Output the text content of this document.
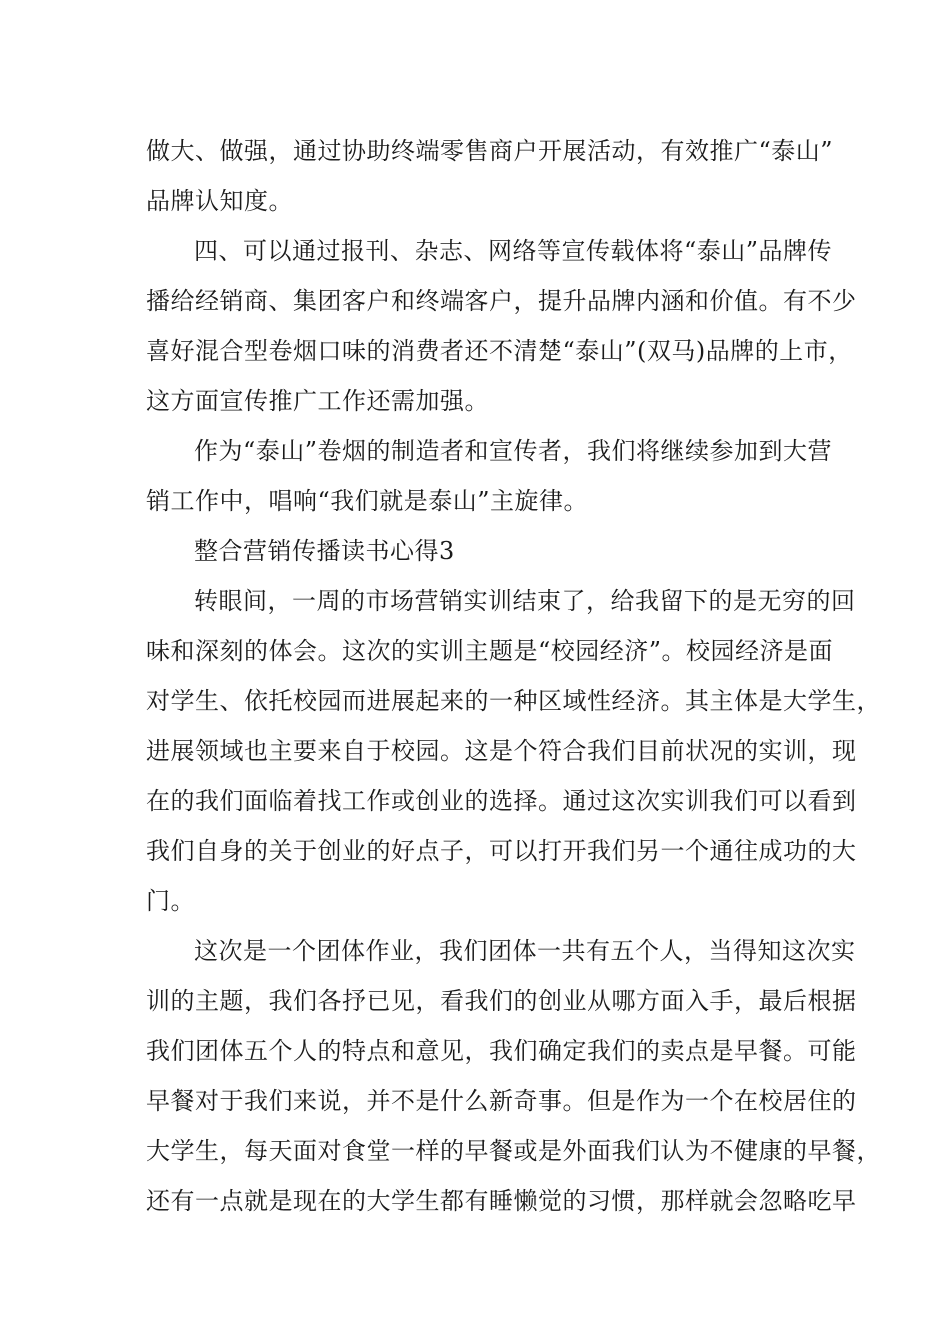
做大、做强，通过协助终端零售商户开展活动，有效推广“泰山”

品牌认知度。

四、可以通过报刊、杂志、网络等宣传载体将“泰山”品牌传

播给经销商、集团客户和终端客户，提升品牌内涵和价值。有不少

喜好混合型卷烟口味的消费者还不清楚“泰山”(双马)品牌的上市，

这方面宣传推广工作还需加强。

作为“泰山”卷烟的制造者和宣传者，我们将继续参加到大营

销工作中，唱响“我们就是泰山”主旋律。

整合营销传播读书心得3

转眼间，一周的市场营销实训结束了，给我留下的是无穷的回

味和深刻的体会。这次的实训主题是“校园经济”。校园经济是面

对学生、依托校园而进展起来的一种区域性经济。其主体是大学生，

进展领域也主要来自于校园。这是个符合我们目前状况的实训，现

在的我们面临着找工作或创业的选择。通过这次实训我们可以看到

我们自身的关于创业的好点子，可以打开我们另一个通往成功的大

门。

这次是一个团体作业，我们团体一共有五个人，当得知这次实

训的主题，我们各抒已见，看我们的创业从哪方面入手，最后根据

我们团体五个人的特点和意见，我们确定我们的卖点是早餐。可能

早餐对于我们来说，并不是什么新奇事。但是作为一个在校居住的

大学生，每天面对食堂一样的早餐或是外面我们认为不健康的早餐，

还有一点就是现在的大学生都有睡懒觉的习惯，那样就会忽略吃早
